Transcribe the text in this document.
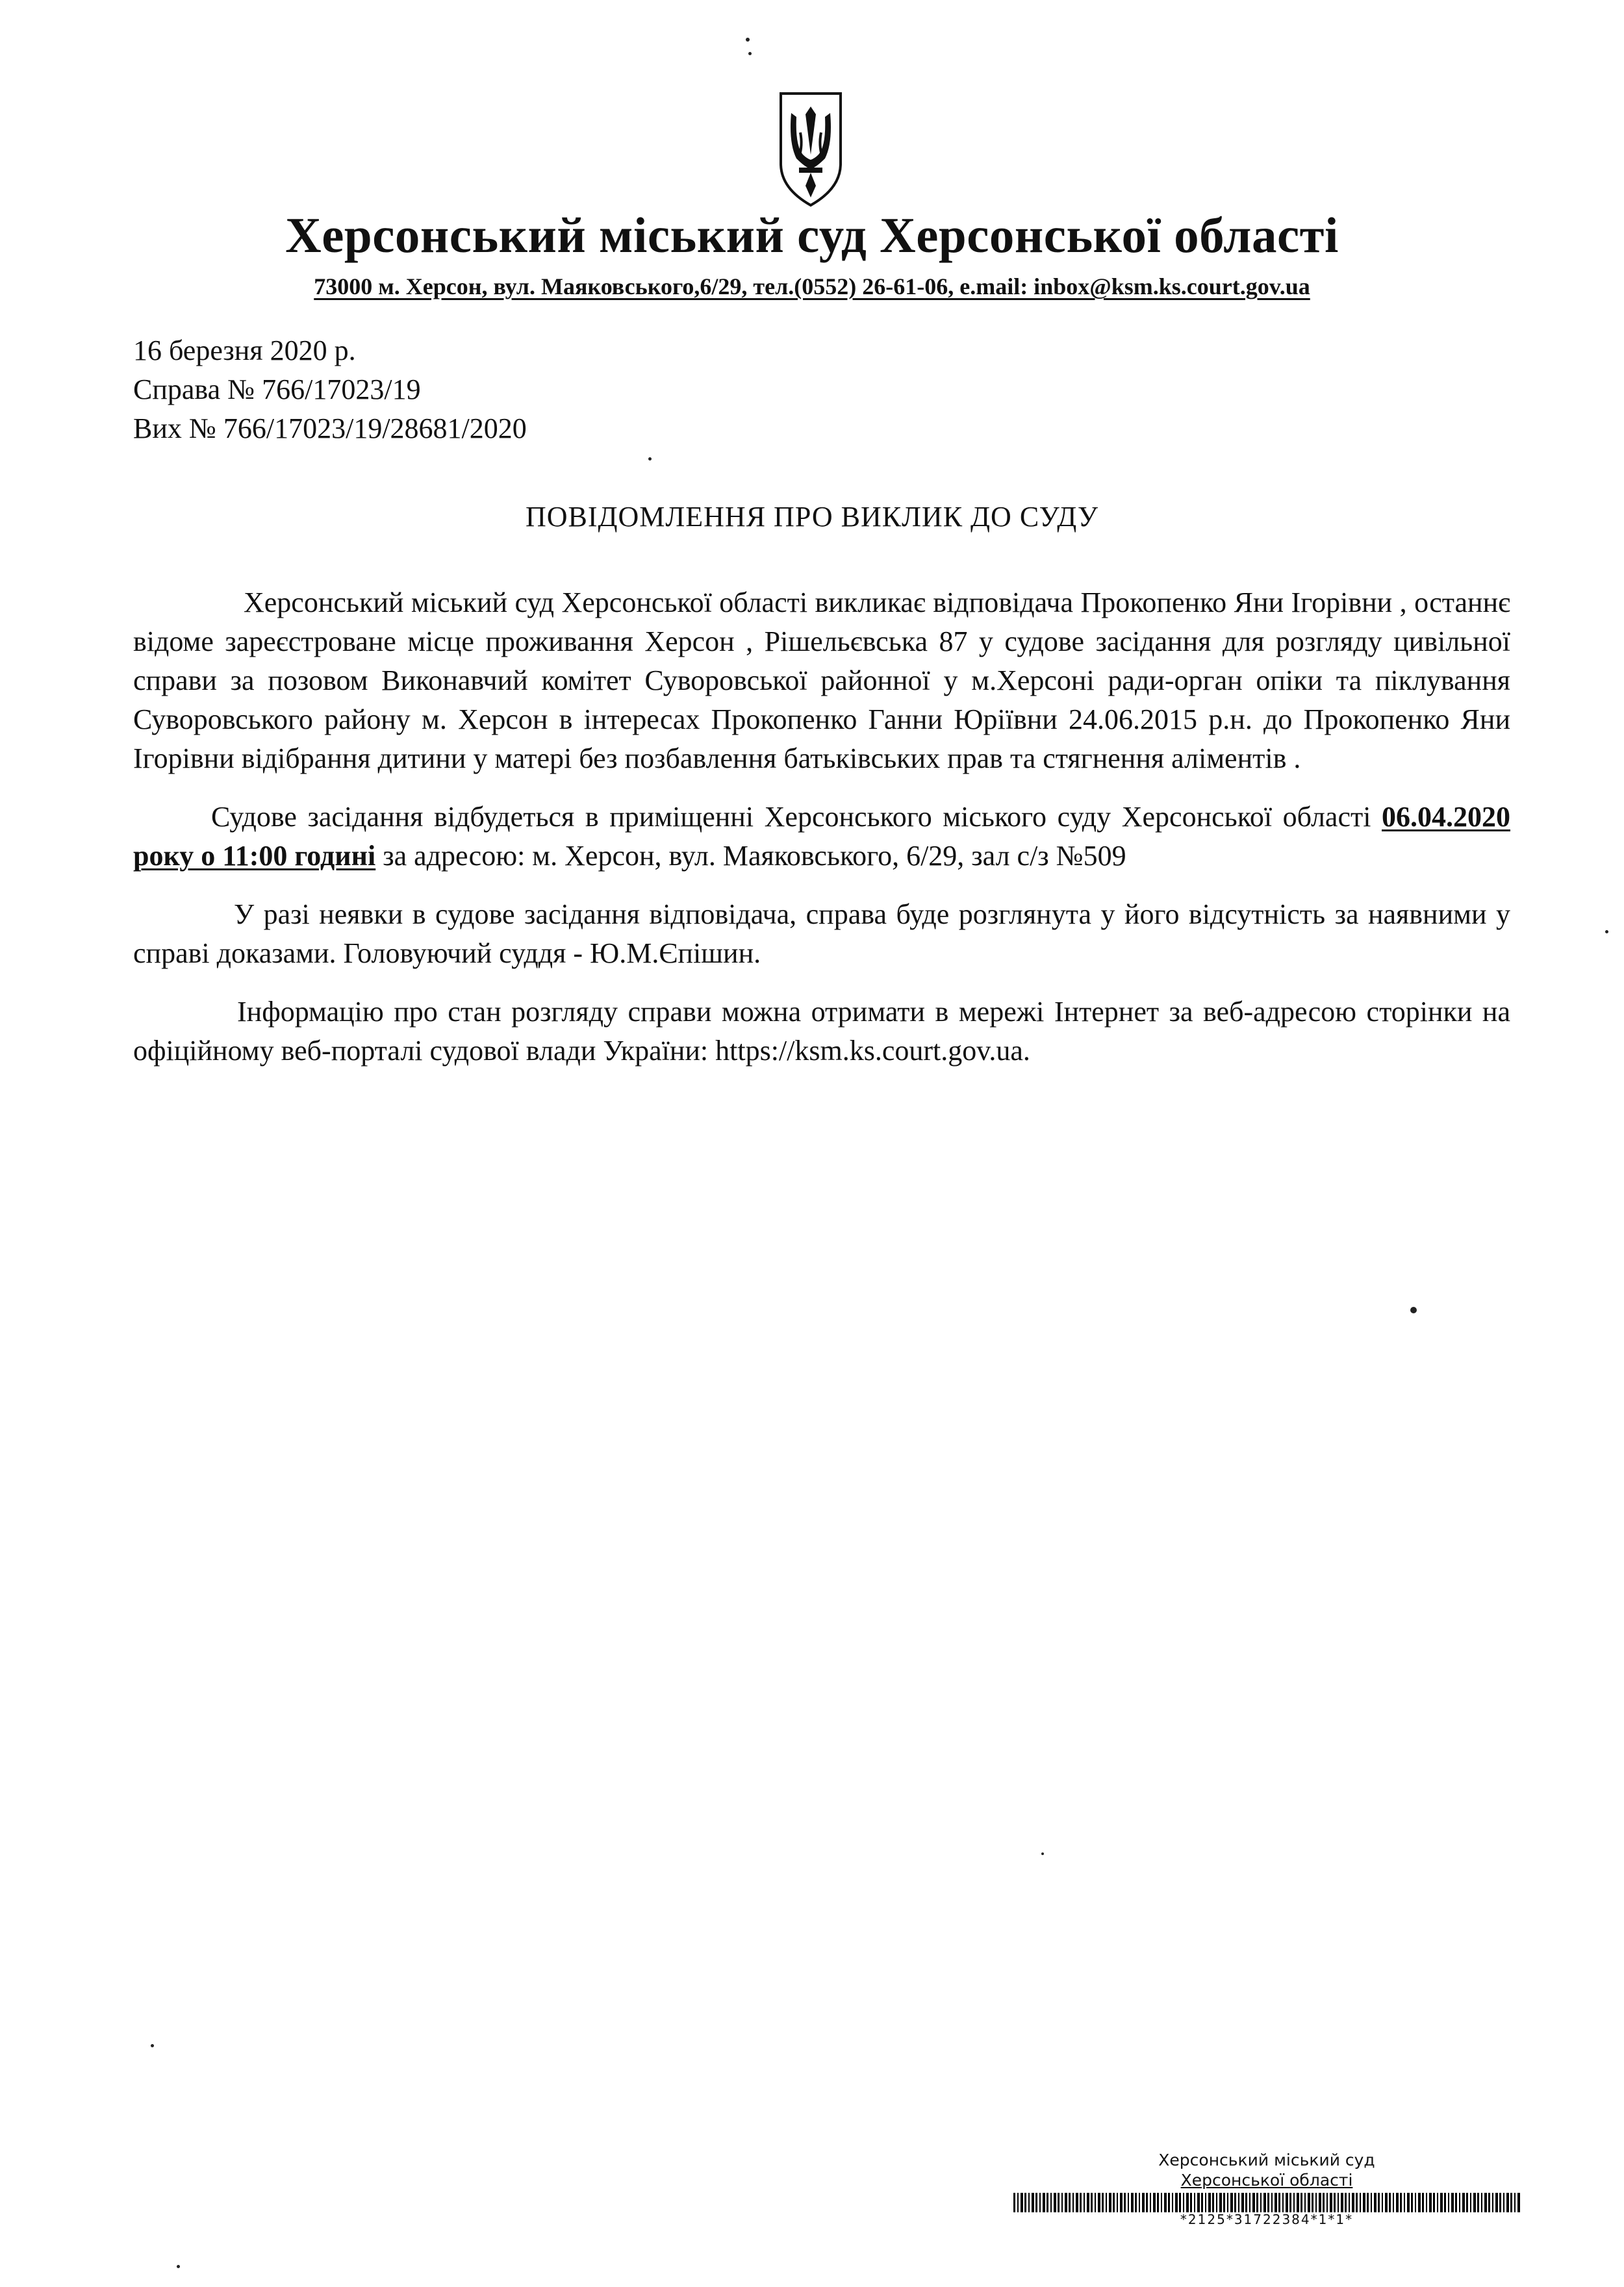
Херсонський міський суд Херсонської області
73000 м. Херсон, вул. Маяковського,6/29, тел.(0552) 26-61-06, e.mail: inbox@ksm.ks.court.gov.ua
16 березня 2020 р.
Справа № 766/17023/19
Вих № 766/17023/19/28681/2020
ПОВІДОМЛЕННЯ ПРО ВИКЛИК ДО СУДУ

Херсонський міський суд Херсонської області викликає відповідача Прокопенко Яни Ігорівни , останнє відоме зареєстроване місце проживання Херсон , Рішельєвська 87 у судове засідання для розгляду цивільної справи за позовом Виконавчий комітет Суворовської районної у м.Херсоні ради-орган опіки та піклування Суворовського району м. Херсон в інтересах Прокопенко Ганни Юріївни 24.06.2015 р.н. до Прокопенко Яни Ігорівни відібрання дитини у матері без позбавлення батьківських прав та стягнення аліментів .

Судове засідання відбудеться в приміщенні Херсонського міського суду Херсонської області 06.04.2020 року о 11:00 годині за адресою: м. Херсон, вул. Маяковського, 6/29, зал с/з №509

У разі неявки в судове засідання відповідача, справа буде розглянута у його відсутність за наявними у справі доказами. Головуючий суддя - Ю.М.Єпішин.

Інформацію про стан розгляду справи можна отримати в мережі Інтернет за веб-адресою сторінки на офіційному веб-порталі судової влади України: https://ksm.ks.court.gov.ua.

Херсонський міський суд
Херсонської області
*2125*31722384*1*1*
